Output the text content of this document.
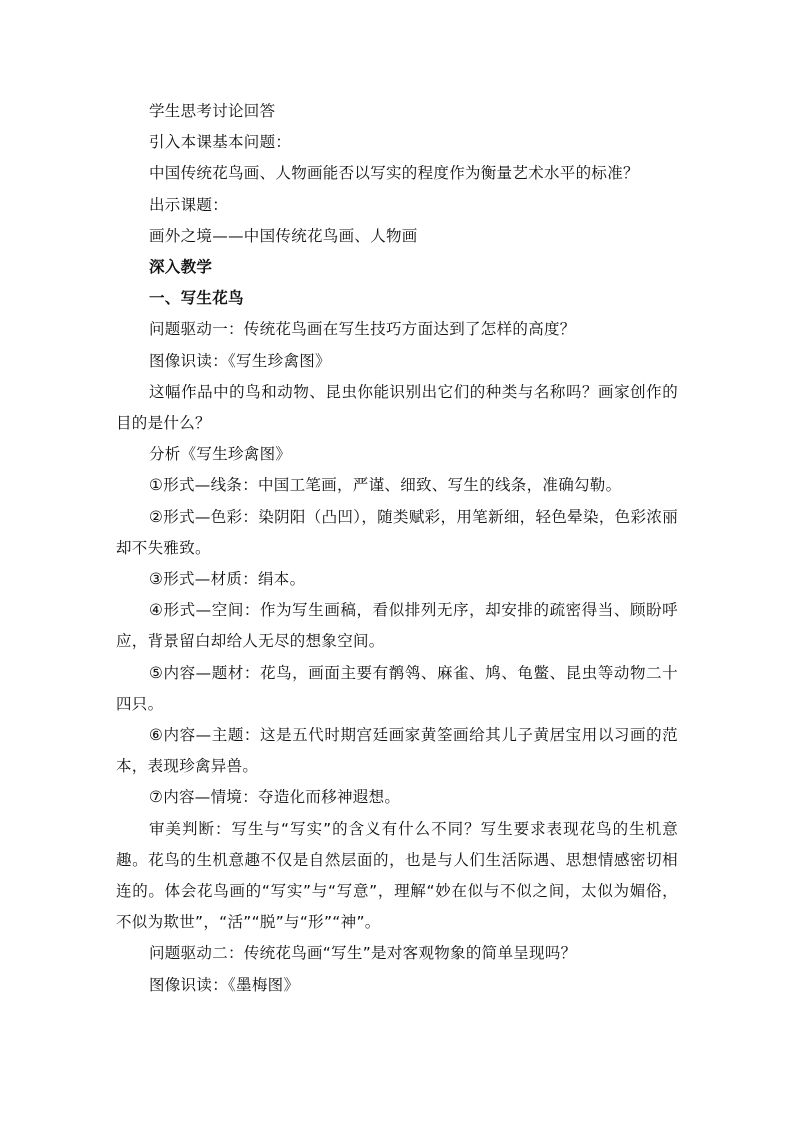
学生思考讨论回答

引入本课基本问题：

中国传统花鸟画、人物画能否以写实的程度作为衡量艺术水平的标准？

出示课题：

画外之境——中国传统花鸟画、人物画

深入教学

一、写生花鸟

问题驱动一：传统花鸟画在写生技巧方面达到了怎样的高度？

图像识读：《写生珍禽图》

这幅作品中的鸟和动物、昆虫你能识别出它们的种类与名称吗？画家创作的目的是什么？

分析《写生珍禽图》

①形式—线条：中国工笔画，严谨、细致、写生的线条，准确勾勒。

②形式—色彩：染阴阳（凸凹），随类赋彩，用笔新细，轻色晕染，色彩浓丽却不失雅致。

③形式—材质：绢本。

④形式—空间：作为写生画稿，看似排列无序，却安排的疏密得当、顾盼呼应，背景留白却给人无尽的想象空间。

⑤内容—题材：花鸟，画面主要有鹡鸰、麻雀、鸠、龟鳖、昆虫等动物二十四只。

⑥内容—主题：这是五代时期宫廷画家黄筌画给其儿子黄居宝用以习画的范本，表现珍禽异兽。

⑦内容—情境：夺造化而移神遐想。

审美判断：写生与“写实”的含义有什么不同？写生要求表现花鸟的生机意趣。花鸟的生机意趣不仅是自然层面的，也是与人们生活际遇、思想情感密切相连的。体会花鸟画的“写实”与“写意”，理解“妙在似与不似之间，太似为媚俗，不似为欺世”，“活”“脱”与“形”“神”。

问题驱动二：传统花鸟画“写生”是对客观物象的简单呈现吗？

图像识读：《墨梅图》
